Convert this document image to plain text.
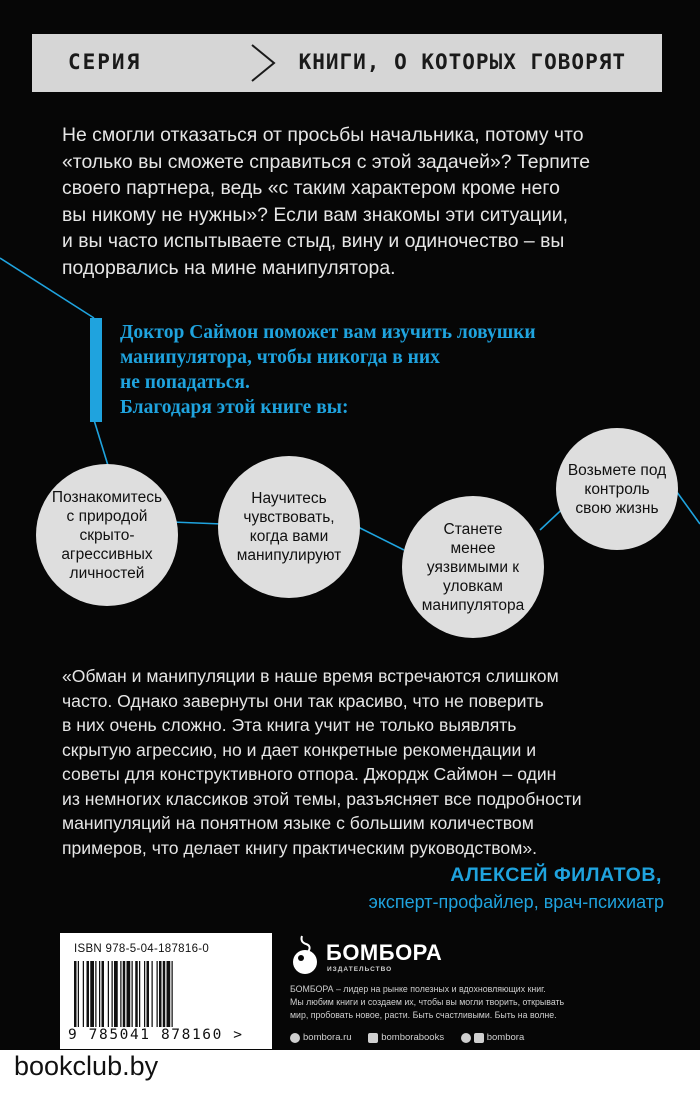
СЕРИЯ	КНИГИ, О КОТОРЫХ ГОВОРЯТ
Не смогли отказаться от просьбы начальника, потому что
«только вы сможете справиться с этой задачей»? Терпите
своего партнера, ведь «с таким характером кроме него
вы никому не нужны»? Если вам знакомы эти ситуации,
и вы часто испытываете стыд, вину и одиночество – вы
подорвались на мине манипулятора.
Доктор Саймон поможет вам изучить ловушки
манипулятора, чтобы никогда в них
не попадаться.
Благодаря этой книге вы:
Познакомитесь с природой скрыто-агрессивных личностей
Научитесь чувствовать, когда вами манипулируют
Станете менее уязвимыми к уловкам манипулятора
Возьмете под контроль свою жизнь
«Обман и манипуляции в наше время встречаются слишком
часто. Однако завернуты они так красиво, что не поверить
в них очень сложно. Эта книга учит не только выявлять
скрытую агрессию, но и дает конкретные рекомендации и
советы для конструктивного отпора. Джордж Саймон – один
из немногих классиков этой темы, разъясняет все подробности
манипуляций на понятном языке с большим количеством
примеров, что делает книгу практическим руководством».
АЛЕКСЕЙ ФИЛАТОВ,
эксперт-профайлер, врач-психиатр
ISBN 978-5-04-187816-0
9 785041 878160 >
БОМБОРА
ИЗДАТЕЛЬСТВО
БОМБОРА – лидер на рынке полезных и вдохновляющих книг.
Мы любим книги и создаем их, чтобы вы могли творить, открывать
мир, пробовать новое, расти. Быть счастливыми. Быть на волне.
bombora.ru
	bomborabooks
	bombora
bookclub.by
